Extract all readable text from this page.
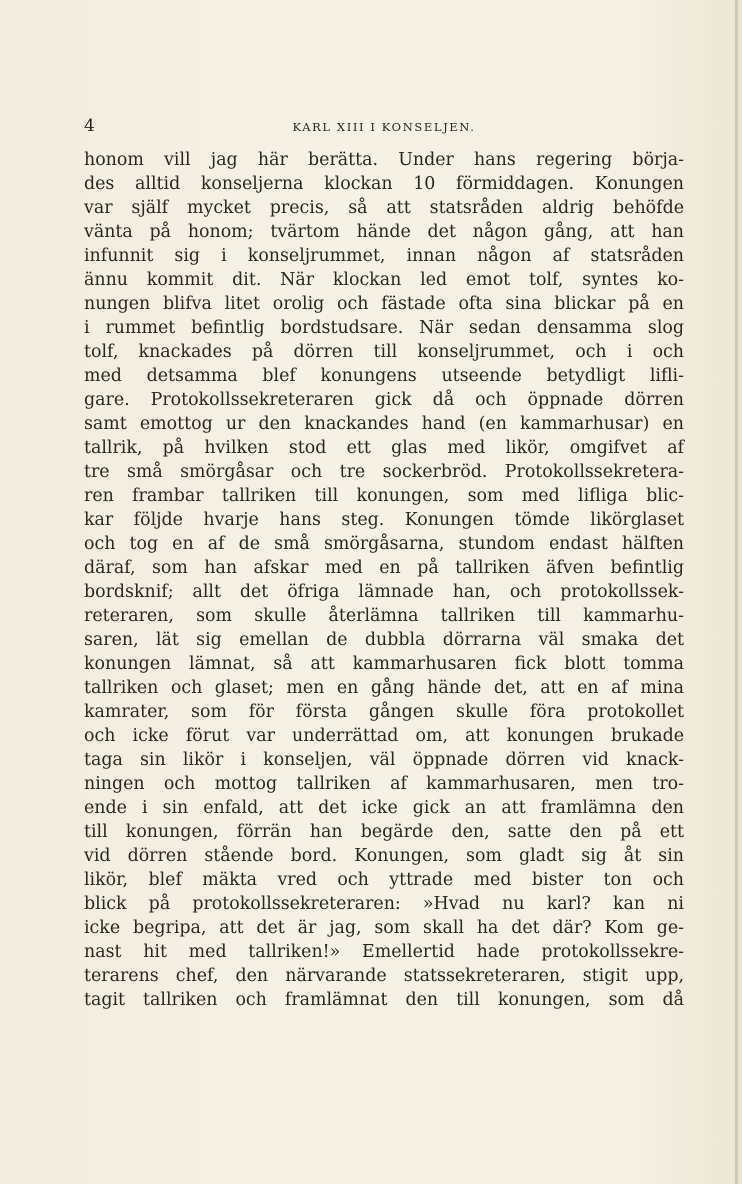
4	KARL XIII I KONSELJEN.
honom vill jag här berätta. Under hans regering börja-
des alltid konseljerna klockan 10 förmiddagen. Konungen
var själf mycket precis, så att statsråden aldrig behöfde
vänta på honom; tvärtom hände det någon gång, att han
infunnit sig i konseljrummet, innan någon af statsråden
ännu kommit dit. När klockan led emot tolf, syntes ko-
nungen blifva litet orolig och fästade ofta sina blickar på en
i rummet befintlig bordstudsare. När sedan densamma slog
tolf, knackades på dörren till konseljrummet, och i och
med detsamma blef konungens utseende betydligt lifli-
gare. Protokollssekreteraren gick då och öppnade dörren
samt emottog ur den knackandes hand (en kammarhusar) en
tallrik, på hvilken stod ett glas med likör, omgifvet af
tre små smörgåsar och tre sockerbröd. Protokollssekretera-
ren frambar tallriken till konungen, som med lifliga blic-
kar följde hvarje hans steg. Konungen tömde likörglaset
och tog en af de små smörgåsarna, stundom endast hälften
däraf, som han afskar med en på tallriken äfven befintlig
bordsknif; allt det öfriga lämnade han, och protokollssek-
reteraren, som skulle återlämna tallriken till kammarhu-
saren, lät sig emellan de dubbla dörrarna väl smaka det
konungen lämnat, så att kammarhusaren fick blott tomma
tallriken och glaset; men en gång hände det, att en af mina
kamrater, som för första gången skulle föra protokollet
och icke förut var underrättad om, att konungen brukade
taga sin likör i konseljen, väl öppnade dörren vid knack-
ningen och mottog tallriken af kammarhusaren, men tro-
ende i sin enfald, att det icke gick an att framlämna den
till konungen, förrän han begärde den, satte den på ett
vid dörren stående bord. Konungen, som gladt sig åt sin
likör, blef mäkta vred och yttrade med bister ton och
blick på protokollssekreteraren: »Hvad nu karl? kan ni
icke begripa, att det är jag, som skall ha det där? Kom ge-
nast hit med tallriken!» Emellertid hade protokollssekre-
terarens chef, den närvarande statssekreteraren, stigit upp,
tagit tallriken och framlämnat den till konungen, som då
